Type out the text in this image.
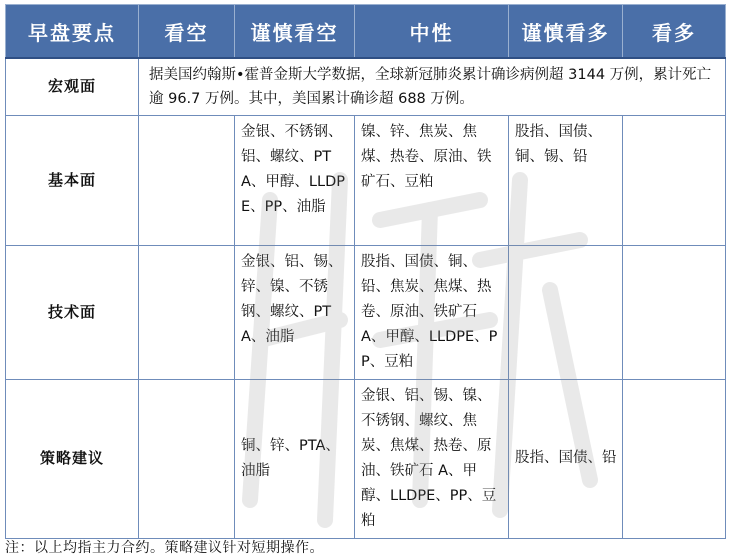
早盘要点	看空	谨慎看空	中性	谨慎看多	看多
宏观面	据美国约翰斯•霍普金斯大学数据，全球新冠肺炎累计确诊病例超 3144 万例，累计死亡逾 96.7 万例。其中，美国累计确诊超 688 万例。				
基本面		金银、不锈钢、铝、螺纹、PTA、甲醇、LLDPE、PP、油脂	镍、锌、焦炭、焦煤、热卷、原油、铁矿石、豆粕	股指、国债、铜、锡、铅	
技术面		金银、铝、锡、锌、镍、不锈钢、螺纹、PTA、油脂	股指、国债、铜、铅、焦炭、焦煤、热卷、原油、铁矿石 A、甲醇、LLDPE、PP、豆粕		
策略建议		铜、锌、PTA、油脂	金银、铝、锡、镍、不锈钢、螺纹、焦炭、焦煤、热卷、原油、铁矿石 A、甲醇、LLDPE、PP、豆粕	股指、国债、铅	
注：以上均指主力合约。策略建议针对短期操作。
